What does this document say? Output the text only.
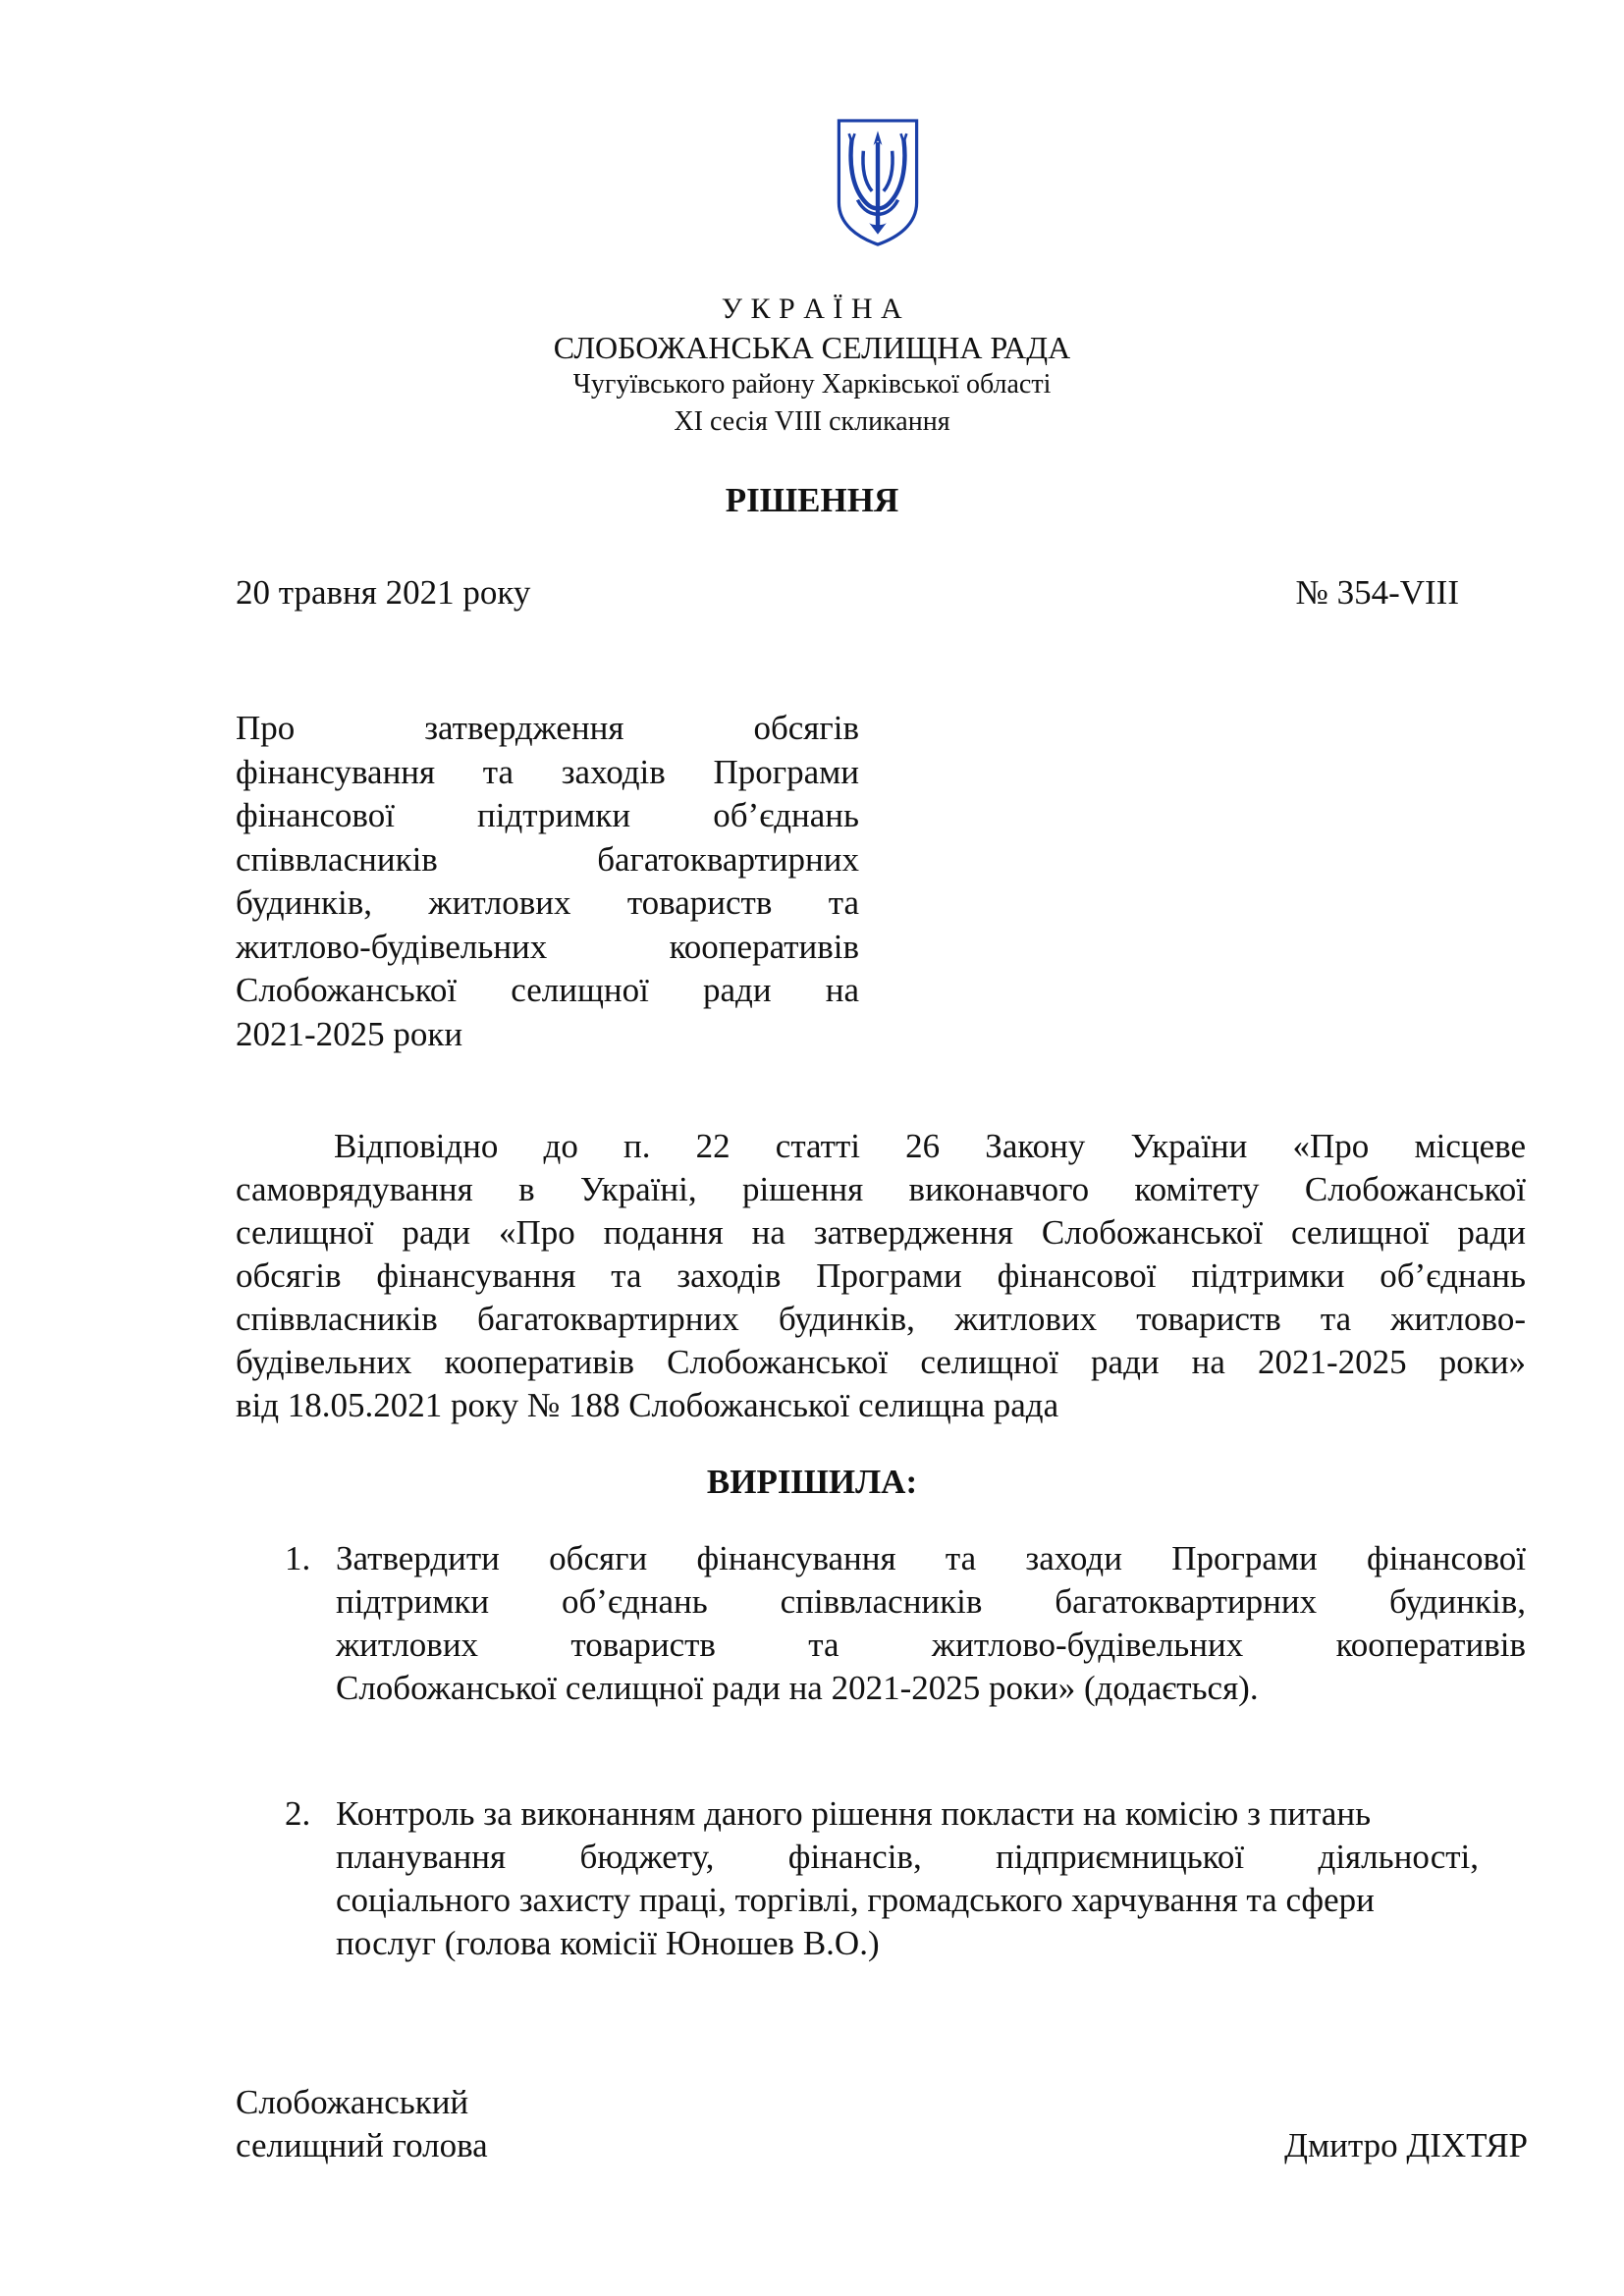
У К Р А Ї Н А
СЛОБОЖАНСЬКА СЕЛИЩНА РАДА
Чугуївського району Харківської області
XI сесія VIII скликання
РІШЕННЯ
20 травня 2021 року	№ 354-VIII
Про затвердження обсягів
фінансування та заходів Програми
фінансової підтримки об’єднань
співвласників багатоквартирних
будинків, житлових товариств та
житлово-будівельних кооперативів
Слобожанської селищної ради на
2021-2025 роки
Відповідно до п. 22 статті 26 Закону України «Про місцеве
самоврядування в Україні, рішення виконавчого комітету Слобожанської
селищної ради «Про подання на затвердження Слобожанської селищної ради
обсягів фінансування та заходів Програми фінансової підтримки об’єднань
співвласників багатоквартирних будинків, житлових товариств та житлово-
будівельних кооперативів Слобожанської селищної ради на 2021-2025 роки»
від 18.05.2021 року № 188 Слобожанської селищна рада
ВИРІШИЛА:
1. Затвердити обсяги фінансування та заходи Програми фінансової
підтримки об’єднань співвласників багатоквартирних будинків,
житлових товариств та житлово-будівельних кооперативів
Слобожанської селищної ради на 2021-2025 роки» (додається).
2. Контроль за виконанням даного рішення покласти на комісію з питань
планування бюджету, фінансів, підприємницької діяльності,
соціального захисту праці, торгівлі, громадського харчування та сфери
послуг (голова комісії Юношев В.О.)
Слобожанський
селищний голова	Дмитро ДІХТЯР
